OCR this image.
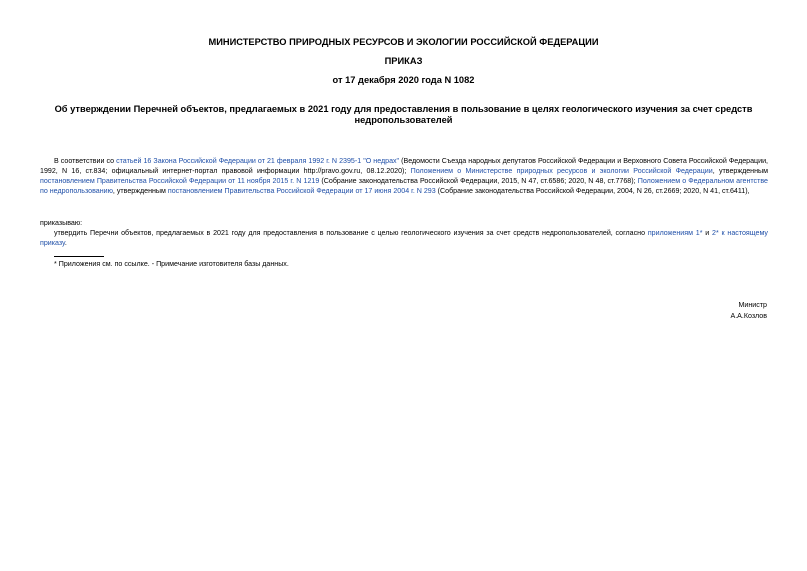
МИНИСТЕРСТВО ПРИРОДНЫХ РЕСУРСОВ И ЭКОЛОГИИ РОССИЙСКОЙ ФЕДЕРАЦИИ
ПРИКАЗ
от 17 декабря 2020 года N 1082
Об утверждении Перечней объектов, предлагаемых в 2021 году для предоставления в пользование в целях геологического изучения за счет средств недропользователей
В соответствии со статьей 16 Закона Российской Федерации от 21 февраля 1992 г. N 2395-1 "О недрах" (Ведомости Съезда народных депутатов Российской Федерации и Верховного Совета Российской Федерации, 1992, N 16, ст.834; официальный интернет-портал правовой информации http://pravo.gov.ru, 08.12.2020); Положением о Министерстве природных ресурсов и экологии Российской Федерации, утвержденным постановлением Правительства Российской Федерации от 11 ноября 2015 г. N 1219 (Собрание законодательства Российской Федерации, 2015, N 47, ст.6586; 2020, N 48, ст.7768); Положением о Федеральном агентстве по недропользованию, утвержденным постановлением Правительства Российской Федерации от 17 июня 2004 г. N 293 (Собрание законодательства Российской Федерации, 2004, N 26, ст.2669; 2020, N 41, ст.6411),
приказываю:
утвердить Перечни объектов, предлагаемых в 2021 году для предоставления в пользование с целью геологического изучения за счет средств недропользователей, согласно приложениям 1* и 2* к настоящему приказу.
* Приложения см. по ссылке. - Примечание изготовителя базы данных.
Министр
А.А.Козлов
